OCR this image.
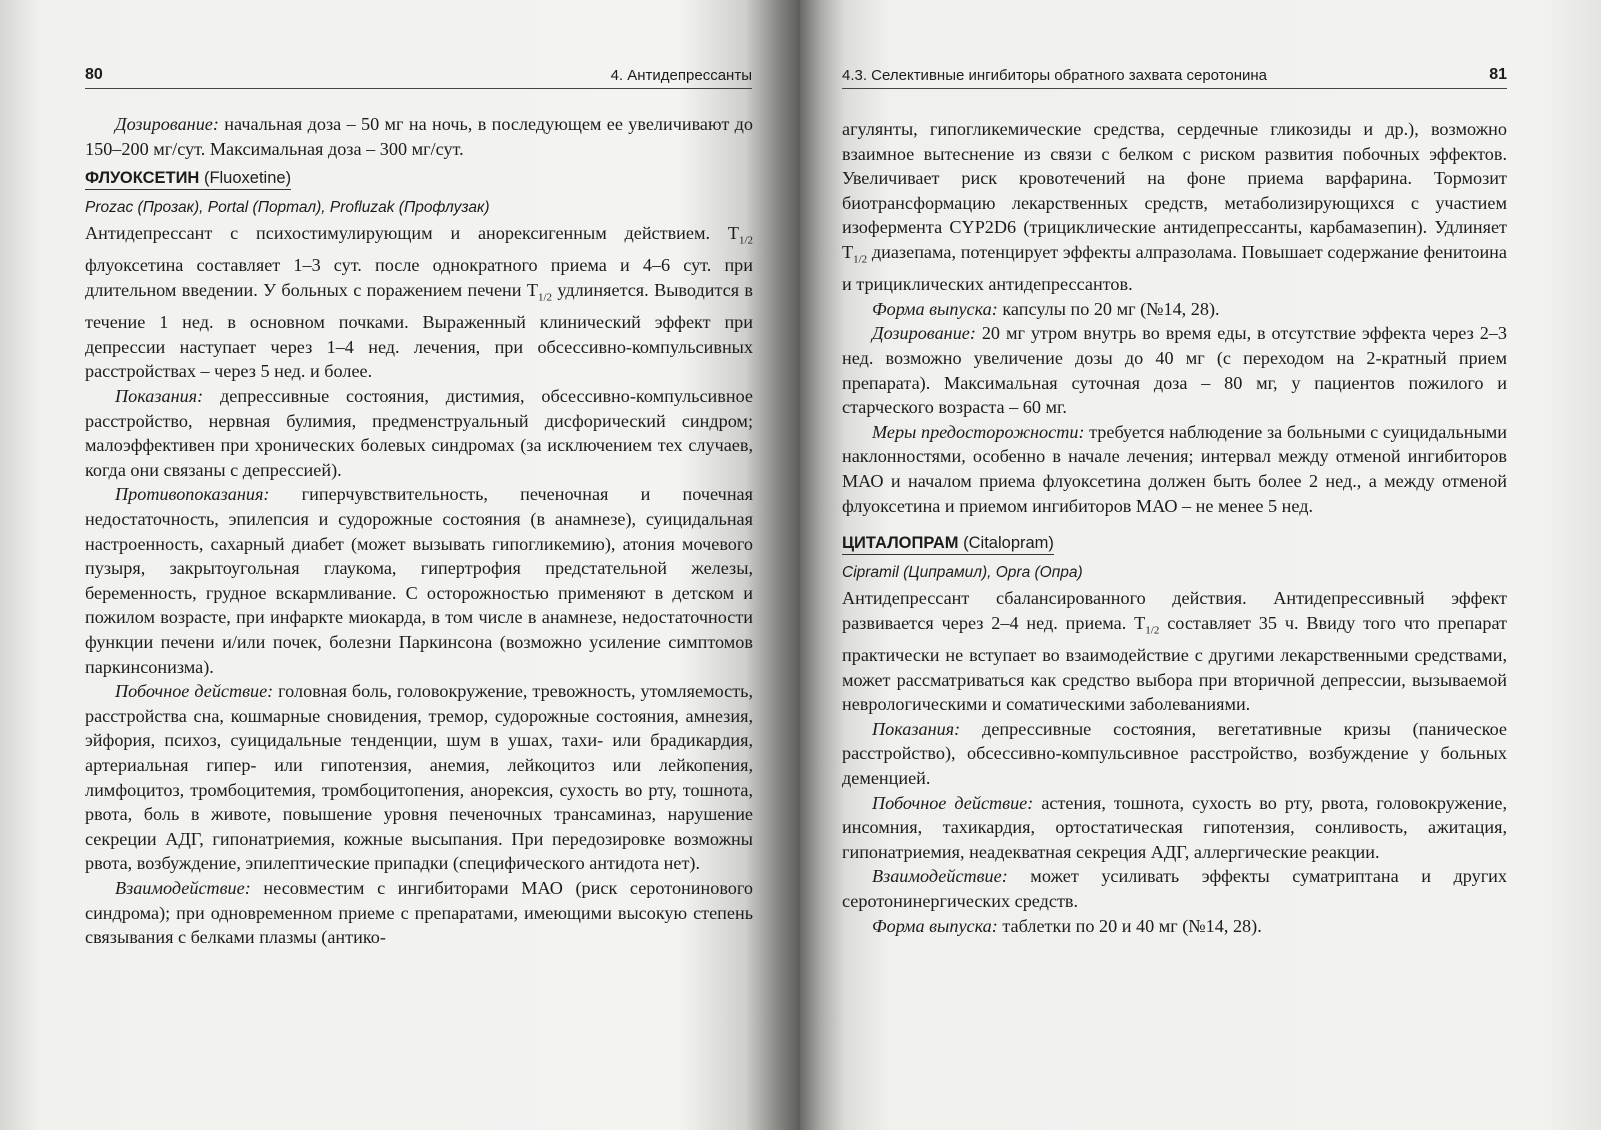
80	4. Антидепрессанты

Дозирование: начальная доза – 50 мг на ночь, в последующем ее увеличивают до 150–200 мг/сут. Максимальная доза – 300 мг/сут.

ФЛУОКСЕТИН (Fluoxetine)
Prozac (Прозак), Portal (Портал), Profluzak (Профлузак)

Антидепрессант с психостимулирующим и анорексигенным действием. $T_{1/2}$ флуоксетина составляет 1–3 сут. после однократного приема и 4–6 сут. при длительном введении. У больных с поражением печени $T_{1/2}$ удлиняется. Выводится в течение 1 нед. в основном почками. Выраженный клинический эффект при депрессии наступает через 1–4 нед. лечения, при обсессивно-компульсивных расстройствах – через 5 нед. и более.

Показания: депрессивные состояния, дистимия, обсессивно-компульсивное расстройство, нервная булимия, предменструальный дисфорический синдром; малоэффективен при хронических болевых синдромах (за исключением тех случаев, когда они связаны с депрессией).

Противопоказания: гиперчувствительность, печеночная и почечная недостаточность, эпилепсия и судорожные состояния (в анамнезе), суицидальная настроенность, сахарный диабет (может вызывать гипогликемию), атония мочевого пузыря, закрытоугольная глаукома, гипертрофия предстательной железы, беременность, грудное вскармливание. С осторожностью применяют в детском и пожилом возрасте, при инфаркте миокарда, в том числе в анамнезе, недостаточности функции печени и/или почек, болезни Паркинсона (возможно усиление симптомов паркинсонизма).

Побочное действие: головная боль, головокружение, тревожность, утомляемость, расстройства сна, кошмарные сновидения, тремор, судорожные состояния, амнезия, эйфория, психоз, суицидальные тенденции, шум в ушах, тахи- или брадикардия, артериальная гипер- или гипотензия, анемия, лейкоцитоз или лейкопения, лимфоцитоз, тромбоцитемия, тромбоцитопения, анорексия, сухость во рту, тошнота, рвота, боль в животе, повышение уровня печеночных трансаминаз, нарушение секреции АДГ, гипонатриемия, кожные высыпания. При передозировке возможны рвота, возбуждение, эпилептические припадки (специфического антидота нет).

Взаимодействие: несовместим с ингибиторами МАО (риск серотонинового синдрома); при одновременном приеме с препаратами, имеющими высокую степень связывания с белками плазмы (антико-

4.3. Селективные ингибиторы обратного захвата серотонина	81

агулянты, гипогликемические средства, сердечные гликозиды и др.), возможно взаимное вытеснение из связи с белком с риском развития побочных эффектов. Увеличивает риск кровотечений на фоне приема варфарина. Тормозит биотрансформацию лекарственных средств, метаболизирующихся с участием изофермента CYP2D6 (трициклические антидепрессанты, карбамазепин). Удлиняет $T_{1/2}$ диазепама, потенцирует эффекты алпразолама. Повышает содержание фенитоина и трициклических антидепрессантов.

Форма выпуска: капсулы по 20 мг (№14, 28).

Дозирование: 20 мг утром внутрь во время еды, в отсутствие эффекта через 2–3 нед. возможно увеличение дозы до 40 мг (с переходом на 2-кратный прием препарата). Максимальная суточная доза – 80 мг, у пациентов пожилого и старческого возраста – 60 мг.

Меры предосторожности: требуется наблюдение за больными с суицидальными наклонностями, особенно в начале лечения; интервал между отменой ингибиторов МАО и началом приема флуоксетина должен быть более 2 нед., а между отменой флуоксетина и приемом ингибиторов МАО – не менее 5 нед.

ЦИТАЛОПРАМ (Citalopram)
Cipramil (Ципрамил), Opra (Опра)

Антидепрессант сбалансированного действия. Антидепрессивный эффект развивается через 2–4 нед. приема. $T_{1/2}$ составляет 35 ч. Ввиду того что препарат практически не вступает во взаимодействие с другими лекарственными средствами, может рассматриваться как средство выбора при вторичной депрессии, вызываемой неврологическими и соматическими заболеваниями.

Показания: депрессивные состояния, вегетативные кризы (паническое расстройство), обсессивно-компульсивное расстройство, возбуждение у больных деменцией.

Побочное действие: астения, тошнота, сухость во рту, рвота, головокружение, инсомния, тахикардия, ортостатическая гипотензия, сонливость, ажитация, гипонатриемия, неадекватная секреция АДГ, аллергические реакции.

Взаимодействие: может усиливать эффекты суматриптана и других серотонинергических средств.

Форма выпуска: таблетки по 20 и 40 мг (№14, 28).
